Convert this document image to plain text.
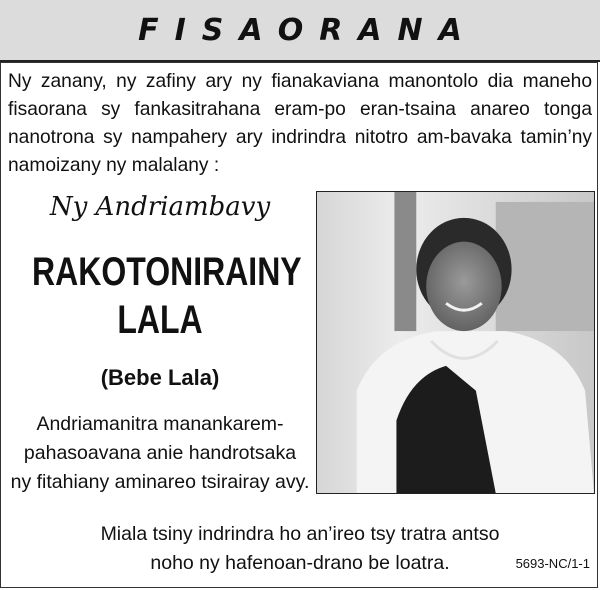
FISAORANA
Ny zanany, ny zafiny ary ny fianakaviana manontolo dia maneho fisaorana sy fankasitrahana eram-po eran-tsaina anareo tonga nanotrona sy nampahery ary indrindra nitotro am-bavaka tamin’ny namoizany ny malalany :
Ny Andriambavy
RAKOTONIRAINY
LALA
(Bebe Lala)
Andriamanitra manankarem-
pahasoavana anie handrotsaka
ny fitahiany aminareo tsirairay avy.
Miala tsiny indrindra ho an’ireo tsy tratra antso
noho ny hafenoan-drano be loatra.	5693-NC/1-1
